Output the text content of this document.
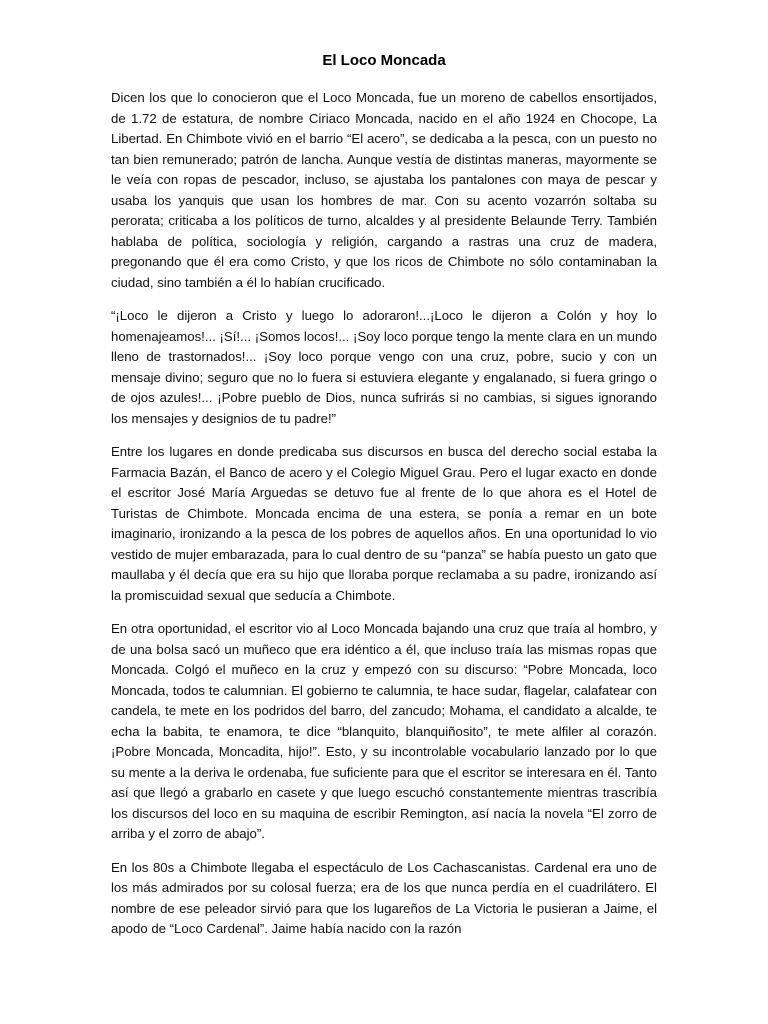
El Loco Moncada

Dicen los que lo conocieron que el Loco Moncada, fue un moreno de cabellos ensortijados, de 1.72 de estatura, de nombre Ciriaco Moncada, nacido en el año 1924 en Chocope, La Libertad. En Chimbote vivió en el barrio “El acero”, se dedicaba a la pesca, con un puesto no tan bien remunerado; patrón de lancha. Aunque vestía de distintas maneras, mayormente se le veía con ropas de pescador, incluso, se ajustaba los pantalones con maya de pescar y usaba los yanquis que usan los hombres de mar. Con su acento vozarrón soltaba su perorata; criticaba a los políticos de turno, alcaldes y al presidente Belaunde Terry. También hablaba de política, sociología y religión, cargando a rastras una cruz de madera, pregonando que él era como Cristo, y que los ricos de Chimbote no sólo contaminaban la ciudad, sino también a él lo habían crucificado.

“¡Loco le dijeron a Cristo y luego lo adoraron!...¡Loco le dijeron a Colón y hoy lo homenajeamos!... ¡Sí!... ¡Somos locos!... ¡Soy loco porque tengo la mente clara en un mundo lleno de trastornados!... ¡Soy loco porque vengo con una cruz, pobre, sucio y con un mensaje divino; seguro que no lo fuera si estuviera elegante y engalanado, si fuera gringo o de ojos azules!... ¡Pobre pueblo de Dios, nunca sufrirás si no cambias, si sigues ignorando los mensajes y designios de tu padre!”

Entre los lugares en donde predicaba sus discursos en busca del derecho social estaba la Farmacia Bazán, el Banco de acero y el Colegio Miguel Grau. Pero el lugar exacto en donde el escritor José María Arguedas se detuvo fue al frente de lo que ahora es el Hotel de Turistas de Chimbote. Moncada encima de una estera, se ponía a remar en un bote imaginario, ironizando a la pesca de los pobres de aquellos años. En una oportunidad lo vio vestido de mujer embarazada, para lo cual dentro de su “panza” se había puesto un gato que maullaba y él decía que era su hijo que lloraba porque reclamaba a su padre, ironizando así la promiscuidad sexual que seducía a Chimbote.

En otra oportunidad, el escritor vio al Loco Moncada bajando una cruz que traía al hombro, y de una bolsa sacó un muñeco que era idéntico a él, que incluso traía las mismas ropas que Moncada. Colgó el muñeco en la cruz y empezó con su discurso: “Pobre Moncada, loco Moncada, todos te calumnian. El gobierno te calumnia, te hace sudar, flagelar, calafatear con candela, te mete en los podridos del barro, del zancudo; Mohama, el candidato a alcalde, te echa la babita, te enamora, te dice “blanquito, blanquiñosito”, te mete alfiler al corazón. ¡Pobre Moncada, Moncadita, hijo!”. Esto, y su incontrolable vocabulario lanzado por lo que su mente a la deriva le ordenaba, fue suficiente para que el escritor se interesara en él. Tanto así que llegó a grabarlo en casete y que luego escuchó constantemente mientras trascribía los discursos del loco en su maquina de escribir Remington, así nacía la novela “El zorro de arriba y el zorro de abajo”.

En los 80s a Chimbote llegaba el espectáculo de Los Cachascanistas. Cardenal era uno de los más admirados por su colosal fuerza; era de los que nunca perdía en el cuadrilátero. El nombre de ese peleador sirvió para que los lugareños de La Victoria le pusieran a Jaime, el apodo de “Loco Cardenal”. Jaime había nacido con la razón
